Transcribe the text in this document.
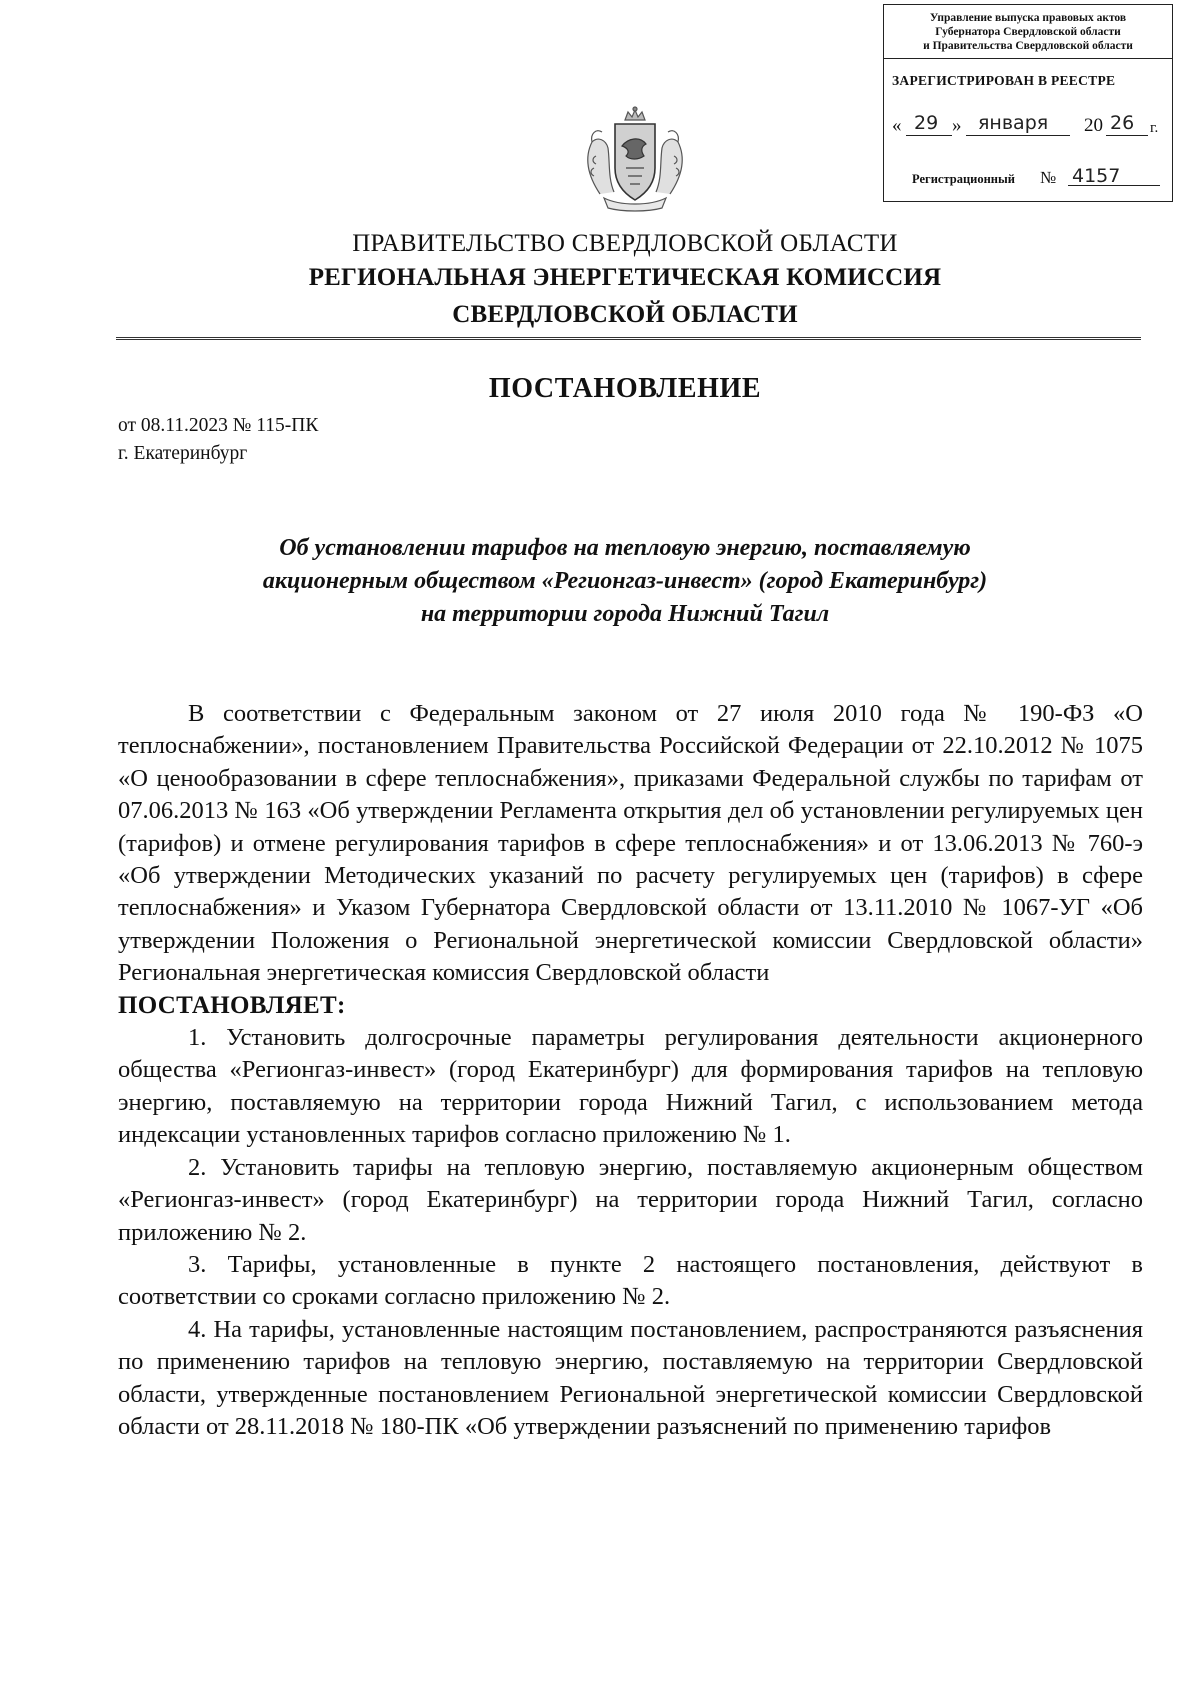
Управление выпуска правовых актов
Губернатора Свердловской области
и Правительства Свердловской области
ЗАРЕГИСТРИРОВАН В РЕЕСТРЕ
« 29 » января 20 26 г.
Регистрационный № 4157
ПРАВИТЕЛЬСТВО СВЕРДЛОВСКОЙ ОБЛАСТИ
РЕГИОНАЛЬНАЯ ЭНЕРГЕТИЧЕСКАЯ КОМИССИЯ
СВЕРДЛОВСКОЙ ОБЛАСТИ
ПОСТАНОВЛЕНИЕ
от 08.11.2023 № 115-ПК
г. Екатеринбург
Об установлении тарифов на тепловую энергию, поставляемую
акционерным обществом «Регионгаз-инвест» (город Екатеринбург)
на территории города Нижний Тагил

В соответствии с Федеральным законом от 27 июля 2010 года № 190-ФЗ «О теплоснабжении», постановлением Правительства Российской Федерации от 22.10.2012 № 1075 «О ценообразовании в сфере теплоснабжения», приказами Федеральной службы по тарифам от 07.06.2013 № 163 «Об утверждении Регламента открытия дел об установлении регулируемых цен (тарифов) и отмене регулирования тарифов в сфере теплоснабжения» и от 13.06.2013 № 760-э «Об утверждении Методических указаний по расчету регулируемых цен (тарифов) в сфере теплоснабжения» и Указом Губернатора Свердловской области от 13.11.2010 № 1067-УГ «Об утверждении Положения о Региональной энергетической комиссии Свердловской области» Региональная энергетическая комиссия Свердловской области

ПОСТАНОВЛЯЕТ:

1. Установить долгосрочные параметры регулирования деятельности акционерного общества «Регионгаз-инвест» (город Екатеринбург) для формирования тарифов на тепловую энергию, поставляемую на территории города Нижний Тагил, с использованием метода индексации установленных тарифов согласно приложению № 1.

2. Установить тарифы на тепловую энергию, поставляемую акционерным обществом «Регионгаз-инвест» (город Екатеринбург) на территории города Нижний Тагил, согласно приложению № 2.

3. Тарифы, установленные в пункте 2 настоящего постановления, действуют в соответствии со сроками согласно приложению № 2.

4. На тарифы, установленные настоящим постановлением, распространяются разъяснения по применению тарифов на тепловую энергию, поставляемую на территории Свердловской области, утвержденные постановлением Региональной энергетической комиссии Свердловской области от 28.11.2018 № 180-ПК «Об утверждении разъяснений по применению тарифов
